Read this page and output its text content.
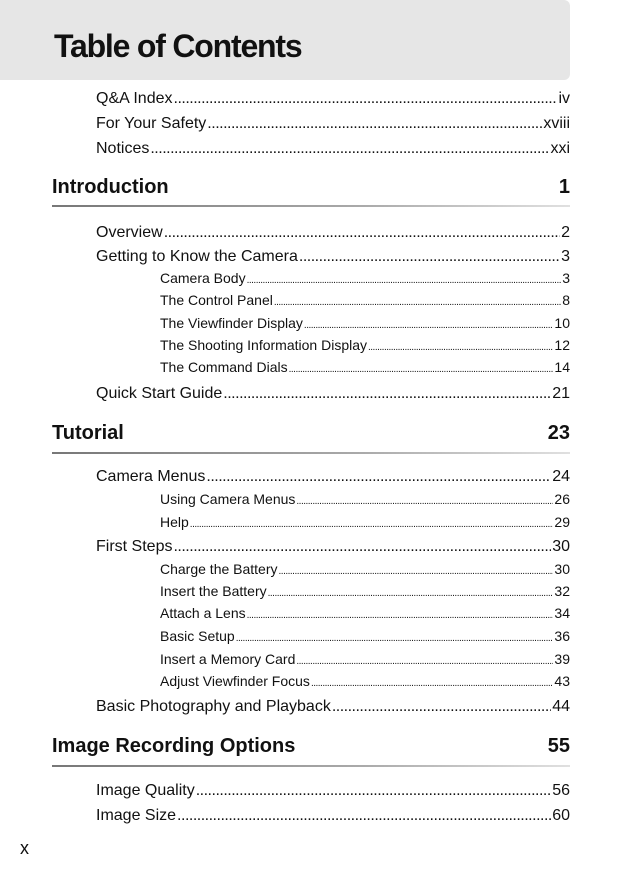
Table of Contents
Q&A Index .....	iv
For Your Safety .....	xviii
Notices .....	xxi
Introduction	1
Overview .....	2
Getting to Know the Camera .....	3
Camera Body .....	3
The Control Panel .....	8
The Viewfinder Display .....	10
The Shooting Information Display .....	12
The Command Dials .....	14
Quick Start Guide .....	21
Tutorial	23
Camera Menus .....	24
Using Camera Menus .....	26
Help .....	29
First Steps .....	30
Charge the Battery .....	30
Insert the Battery .....	32
Attach a Lens .....	34
Basic Setup .....	36
Insert a Memory Card .....	39
Adjust Viewfinder Focus .....	43
Basic Photography and Playback .....	44
Image Recording Options	55
Image Quality .....	56
Image Size .....	60
x
